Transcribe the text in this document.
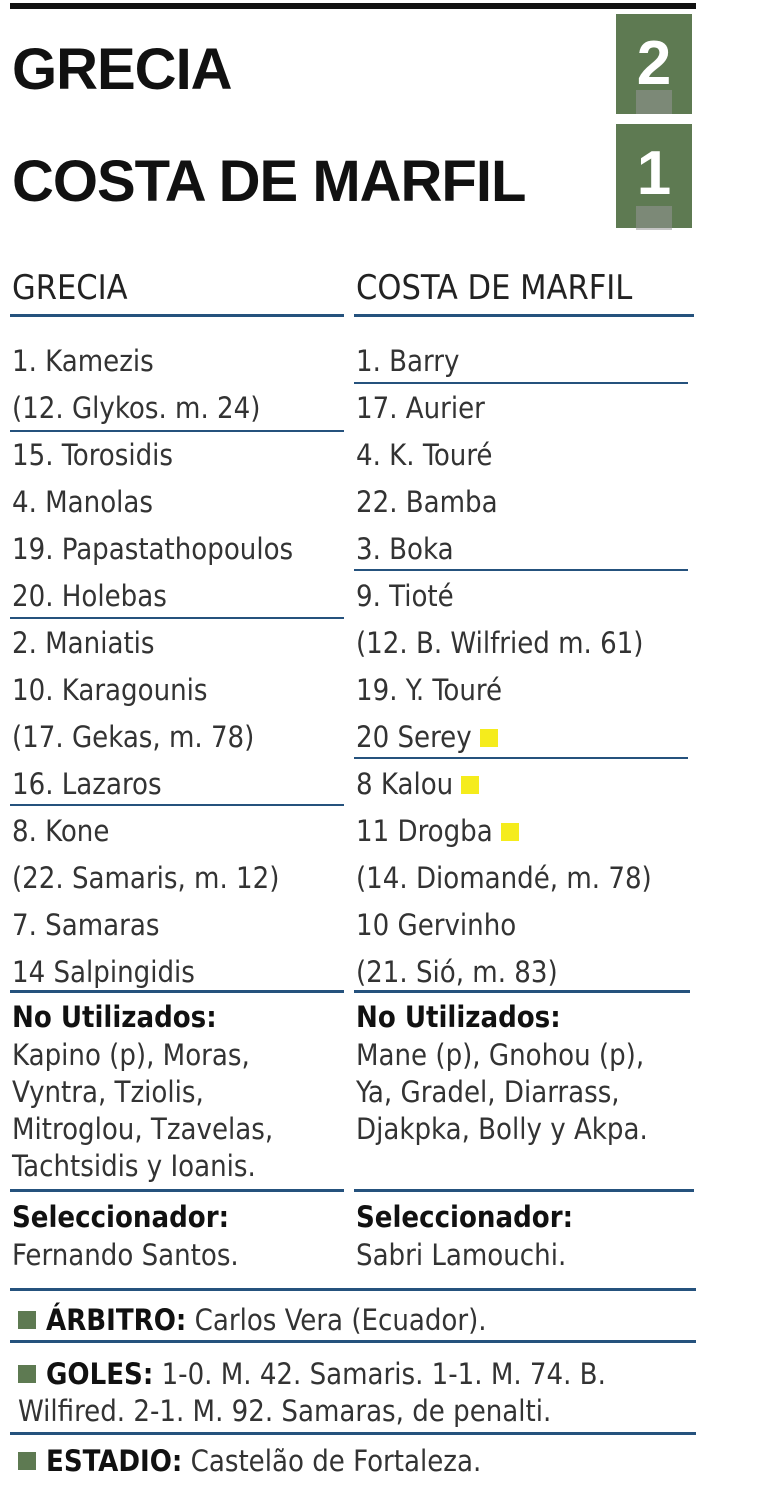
GRECIA
COSTA DE MARFIL
2
1
GRECIA
1. Kamezis
(12. Glykos. m. 24)
15. Torosidis
4. Manolas
19. Papastathopoulos
20. Holebas
2. Maniatis
10. Karagounis
(17. Gekas, m. 78)
16. Lazaros
8. Kone
(22. Samaris, m. 12)
7. Samaras
14 Salpingidis
No Utilizados:
Kapino (p), Moras, Vyntra, Tziolis, Mitroglou, Tzavelas, Tachtsidis y Ioanis.
Seleccionador:
Fernando Santos.
COSTA DE MARFIL
1. Barry
17. Aurier
4. K. Touré
22. Bamba
3. Boka
9. Tioté
(12. B. Wilfried m. 61)
19. Y. Touré
20 Serey
8 Kalou
11 Drogba
(14. Diomandé, m. 78)
10 Gervinho
(21. Sió, m. 83)
No Utilizados:
Mane (p), Gnohou (p), Ya, Gradel, Diarrass, Djakpka, Bolly y Akpa.
Seleccionador:
Sabri Lamouchi.
ÁRBITRO: Carlos Vera (Ecuador).
GOLES: 1-0. M. 42. Samaris. 1-1. M. 74. B. Wilfired. 2-1. M. 92. Samaras, de penalti.
ESTADIO: Castelão de Fortaleza.
